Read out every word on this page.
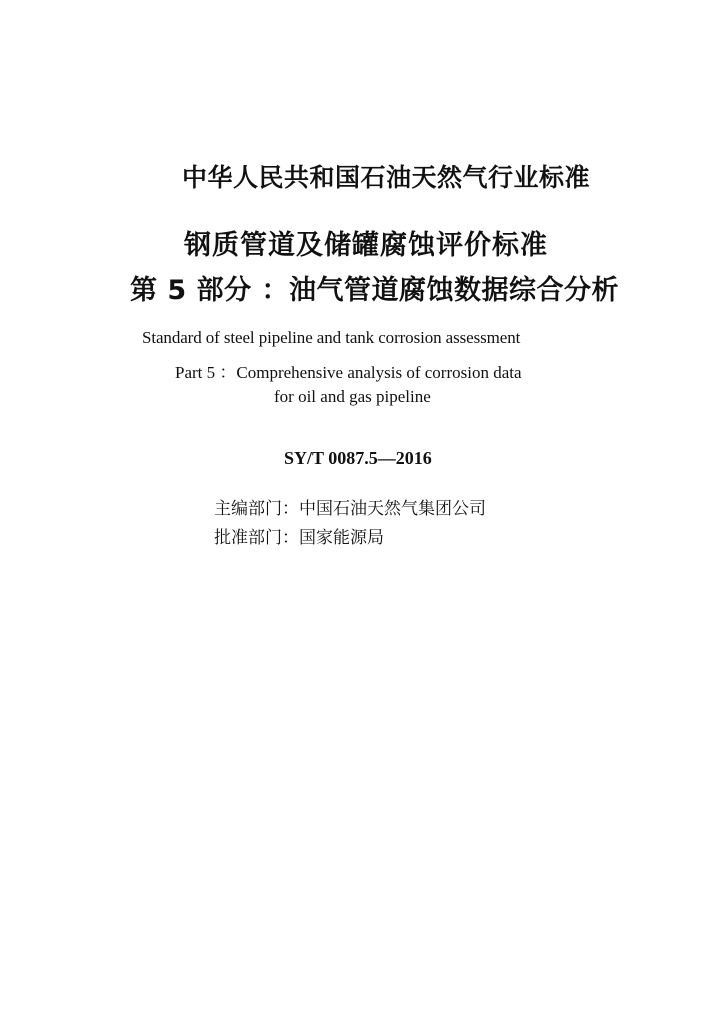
中华人民共和国石油天然气行业标准
钢质管道及储罐腐蚀评价标准
第 5 部分 ：油气管道腐蚀数据综合分析
Standard of steel pipeline and tank corrosion assessment
Part 5 ：Comprehensive analysis of corrosion data
for oil and gas pipeline
SY/T 0087.5—2016
主编部门：中国石油天然气集团公司
批准部门：国家能源局
